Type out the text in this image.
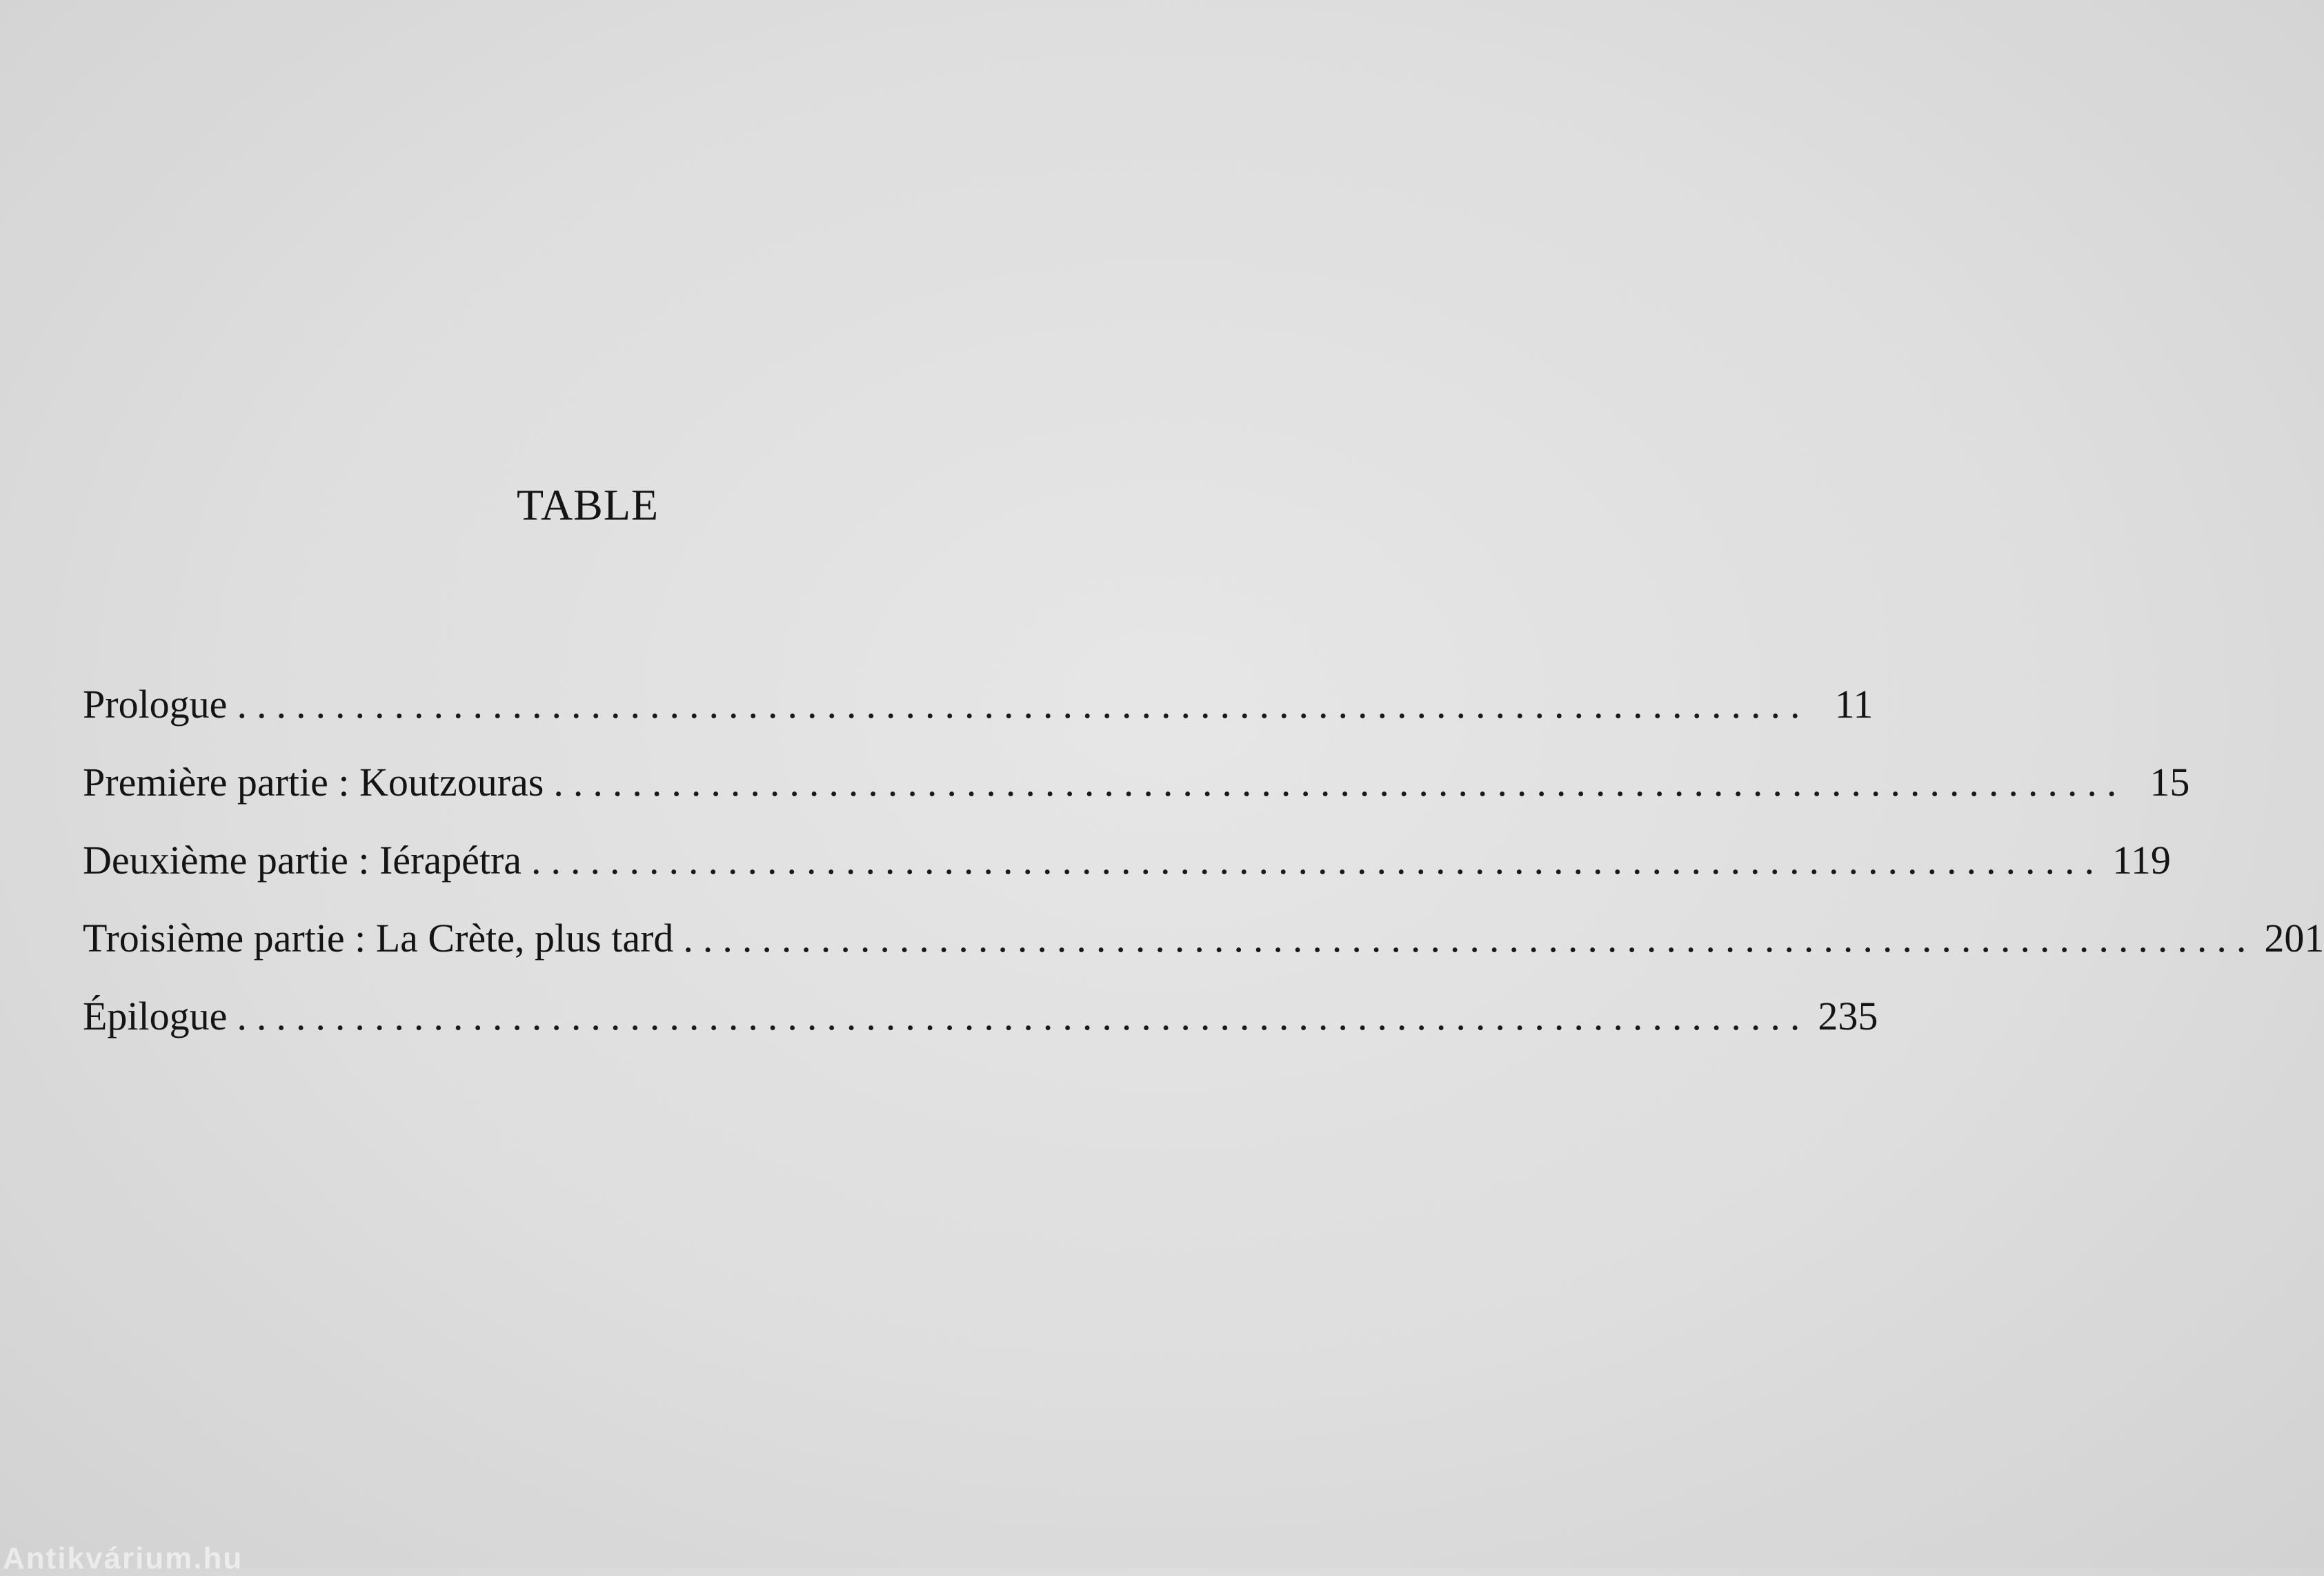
TABLE
Prologue ................................................................................ 11
Première partie : Koutzouras ................................................................................ 15
Deuxième partie : Iérapétra ................................................................................ 119
Troisième partie : La Crète, plus tard ................................................................................ 201
Épilogue ................................................................................ 235
Antikvárium.hu
